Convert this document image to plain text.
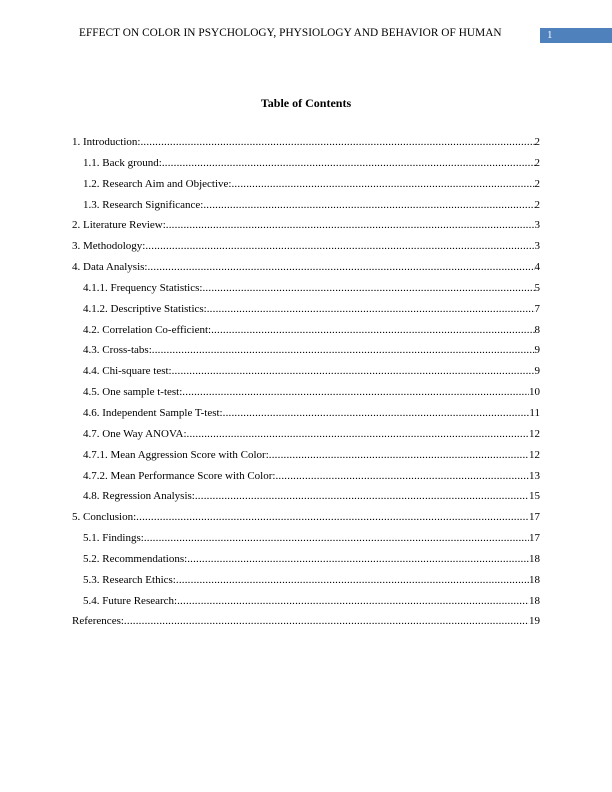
EFFECT ON COLOR IN PSYCHOLOGY, PHYSIOLOGY AND BEHAVIOR OF HUMAN	1
Table of Contents
1. Introduction: .....	2
1.1. Back ground: .....	2
1.2. Research Aim and Objective: .....	2
1.3. Research Significance: .....	2
2. Literature Review: .....	3
3. Methodology: .....	3
4. Data Analysis: .....	4
4.1.1. Frequency Statistics: .....	5
4.1.2. Descriptive Statistics: .....	7
4.2. Correlation Co-efficient: .....	8
4.3. Cross-tabs: .....	9
4.4. Chi-square test: .....	9
4.5. One sample t-test: .....	10
4.6. Independent Sample T-test: .....	11
4.7. One Way ANOVA: .....	12
4.7.1. Mean Aggression Score with Color: .....	12
4.7.2. Mean Performance Score with Color: .....	13
4.8. Regression Analysis: .....	15
5. Conclusion: .....	17
5.1. Findings: .....	17
5.2. Recommendations: .....	18
5.3. Research Ethics: .....	18
5.4. Future Research: .....	18
References: .....	19
